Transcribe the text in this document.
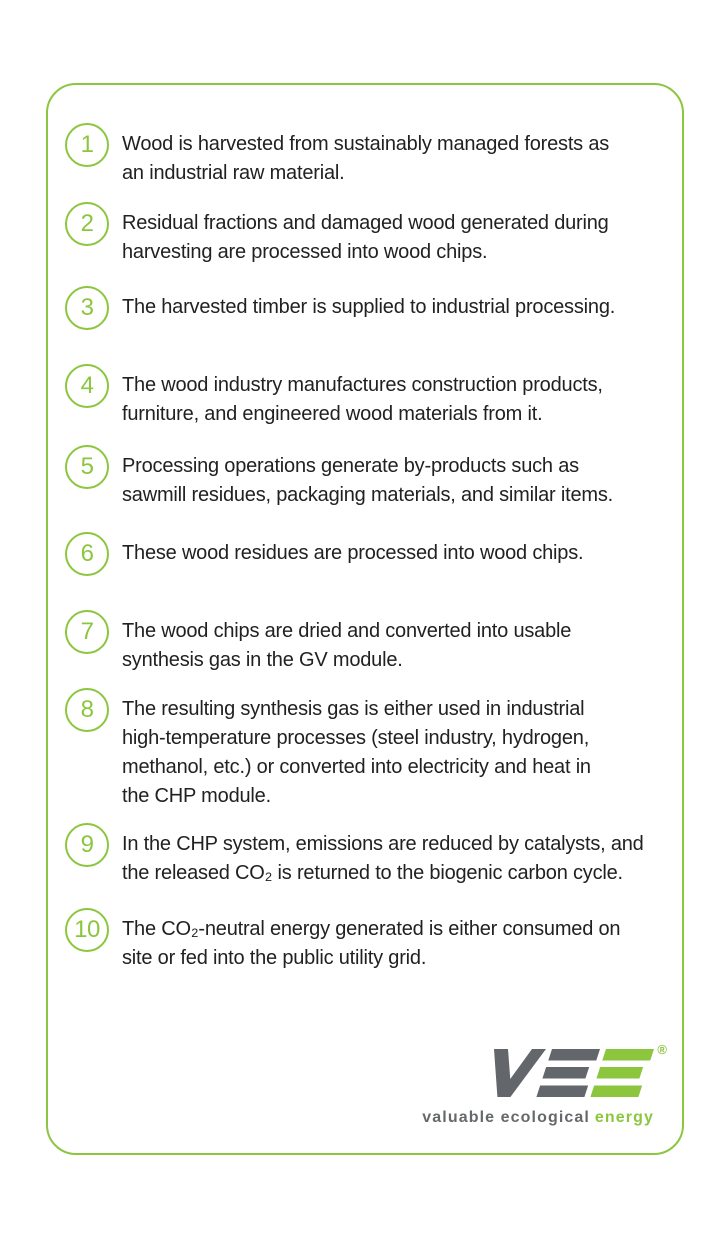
1 Wood is harvested from sustainably managed forests as
an industrial raw material.
2 Residual fractions and damaged wood generated during
harvesting are processed into wood chips.
3 The harvested timber is supplied to industrial processing.
4 The wood industry manufactures construction products,
furniture, and engineered wood materials from it.
5 Processing operations generate by-products such as
sawmill residues, packaging materials, and similar items.
6 These wood residues are processed into wood chips.
7 The wood chips are dried and converted into usable
synthesis gas in the GV module.
8 The resulting synthesis gas is either used in industrial
high-temperature processes (steel industry, hydrogen,
methanol, etc.) or converted into electricity and heat in
the CHP module.
9 In the CHP system, emissions are reduced by catalysts, and
the released CO₂ is returned to the biogenic carbon cycle.
10 The CO₂-neutral energy generated is either consumed on
site or fed into the public utility grid.
®
valuable ecological energy
